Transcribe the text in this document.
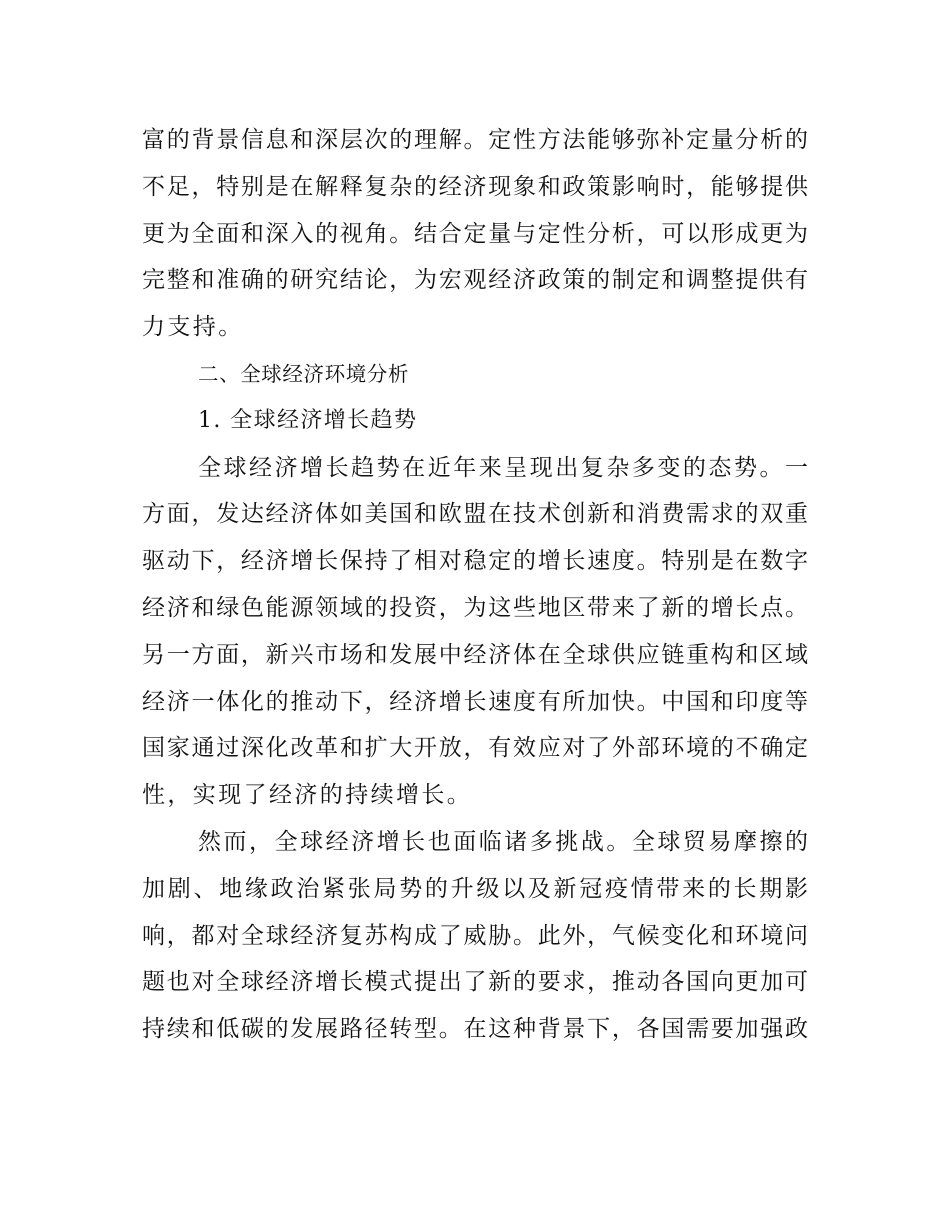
富的背景信息和深层次的理解。定性方法能够弥补定量分析的
不足，特别是在解释复杂的经济现象和政策影响时，能够提供
更为全面和深入的视角。结合定量与定性分析，可以形成更为
完整和准确的研究结论，为宏观经济政策的制定和调整提供有
力支持。
二、全球经济环境分析
1. 全球经济增长趋势
全球经济增长趋势在近年来呈现出复杂多变的态势。一
方面，发达经济体如美国和欧盟在技术创新和消费需求的双重
驱动下，经济增长保持了相对稳定的增长速度。特别是在数字
经济和绿色能源领域的投资，为这些地区带来了新的增长点。
另一方面，新兴市场和发展中经济体在全球供应链重构和区域
经济一体化的推动下，经济增长速度有所加快。中国和印度等
国家通过深化改革和扩大开放，有效应对了外部环境的不确定
性，实现了经济的持续增长。
然而，全球经济增长也面临诸多挑战。全球贸易摩擦的
加剧、地缘政治紧张局势的升级以及新冠疫情带来的长期影
响，都对全球经济复苏构成了威胁。此外，气候变化和环境问
题也对全球经济增长模式提出了新的要求，推动各国向更加可
持续和低碳的发展路径转型。在这种背景下，各国需要加强政
